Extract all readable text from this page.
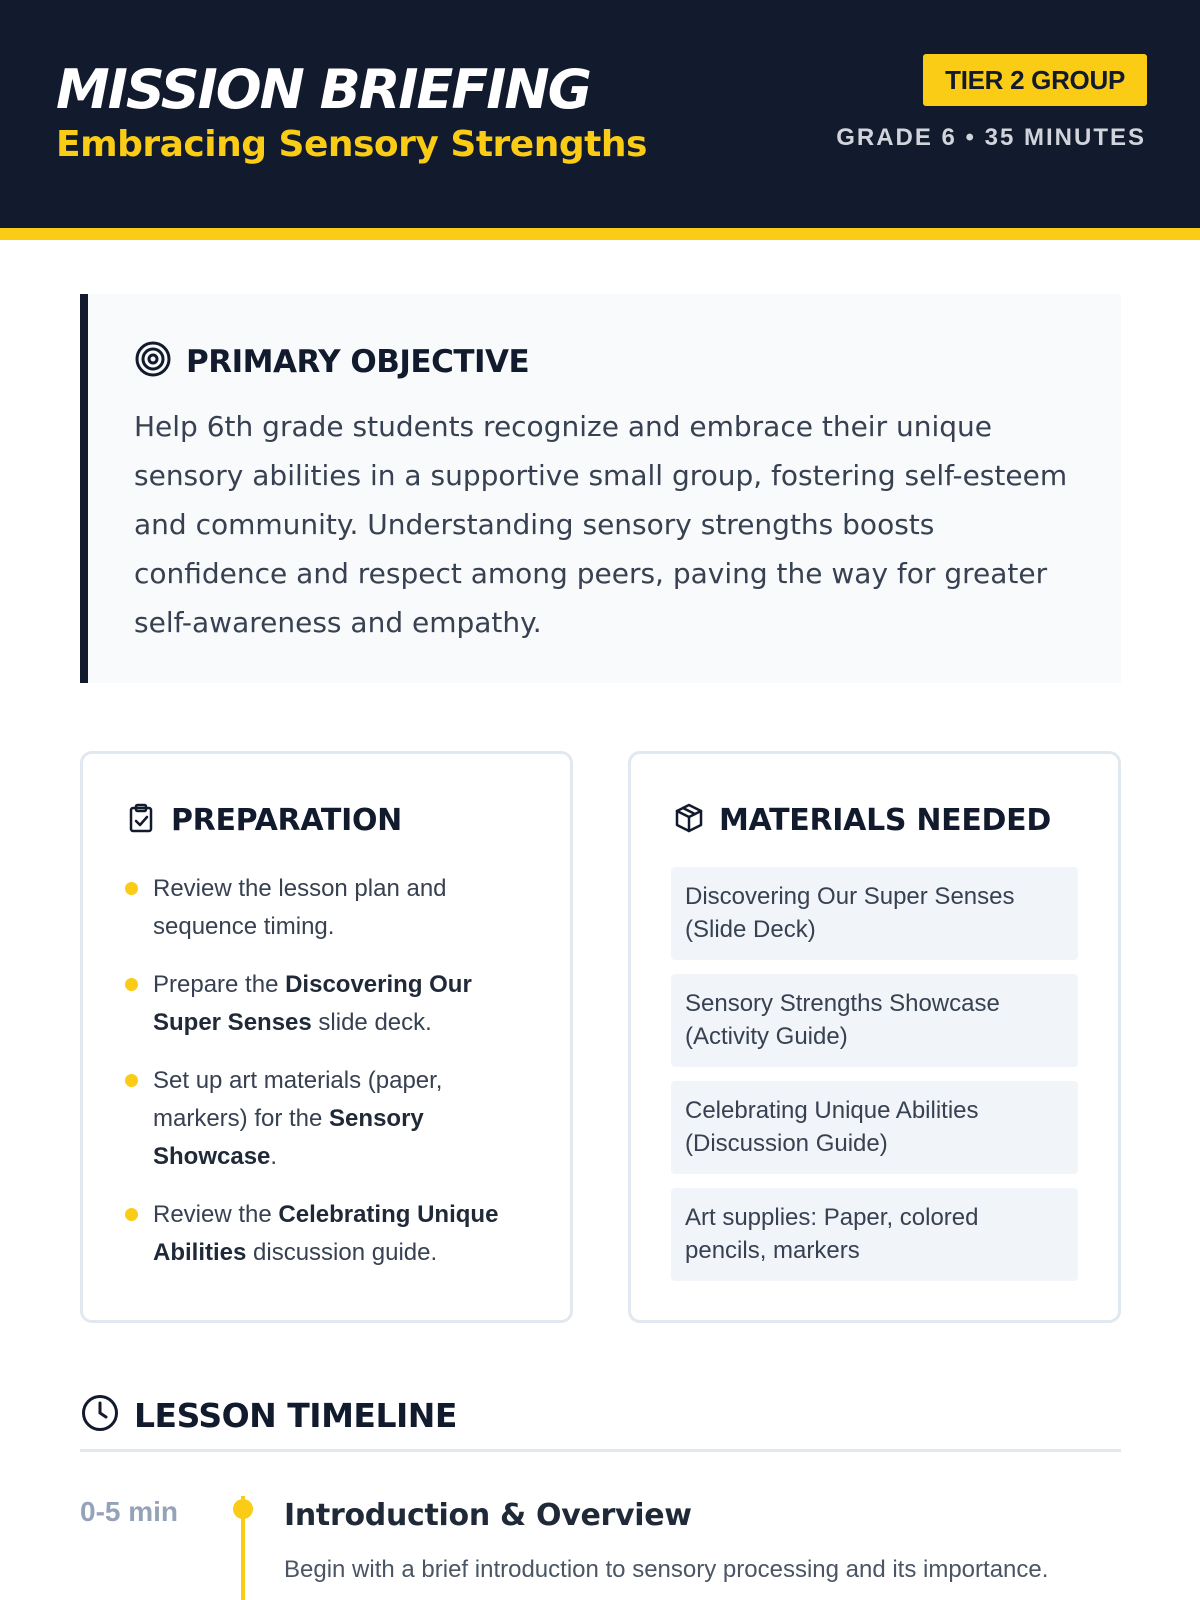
MISSION BRIEFING
Embracing Sensory Strengths
TIER 2 GROUP
GRADE 6 • 35 MINUTES
PRIMARY OBJECTIVE

Help 6th grade students recognize and embrace their unique sensory abilities in a supportive small group, fostering self-esteem and community. Understanding sensory strengths boosts confidence and respect among peers, paving the way for greater self-awareness and empathy.

PREPARATION
Review the lesson plan and sequence timing.
Prepare the Discovering Our Super Senses slide deck.
Set up art materials (paper, markers) for the Sensory Showcase.
Review the Celebrating Unique Abilities discussion guide.
MATERIALS NEEDED
Discovering Our Super Senses (Slide Deck)
Sensory Strengths Showcase (Activity Guide)
Celebrating Unique Abilities (Discussion Guide)
Art supplies: Paper, colored pencils, markers
LESSON TIMELINE
0-5 min	Introduction & Overview
Begin with a brief introduction to sensory processing and its importance.
